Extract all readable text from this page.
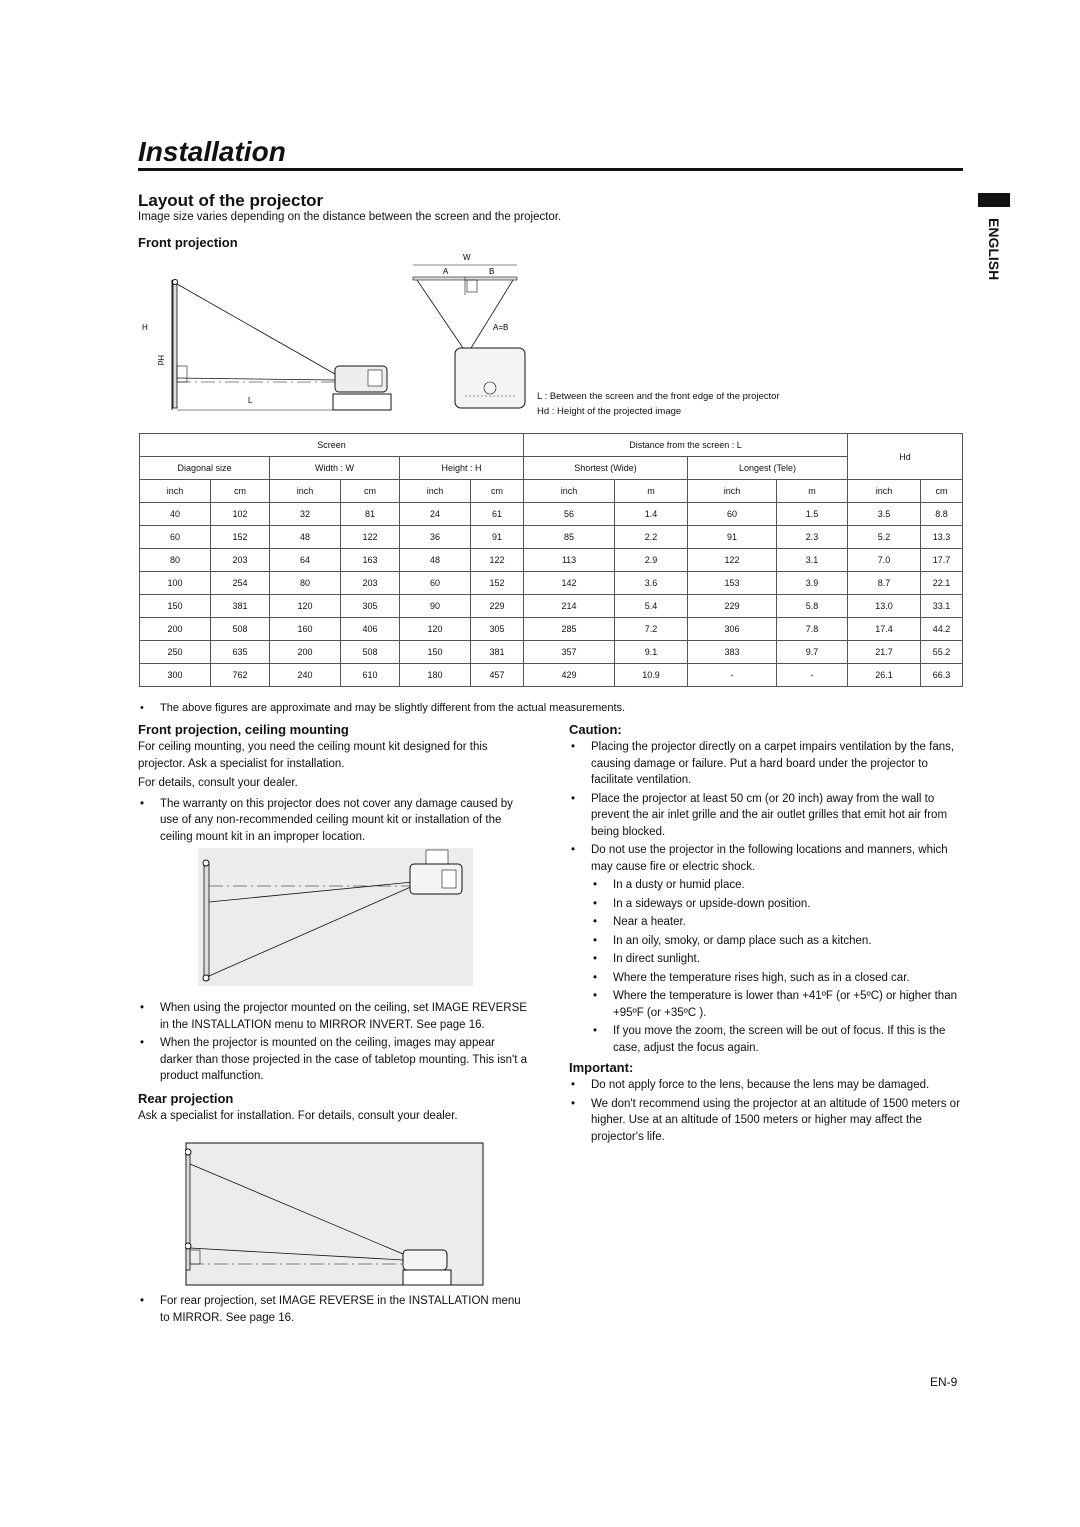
Installation
ENGLISH
Layout of the projector
Image size varies depending on the distance between the screen and the projector.
Front projection
H
Hd
L
W
A	B
A=B
L : Between the screen and the front edge of the projector
Hd : Height of the projected image
Screen						Distance from the screen : L				Hd	
Diagonal size		Width : W		Height : H		Shortest (Wide)		Longest (Tele)			
inch	cm	inch	cm	inch	cm	inch	m	inch	m	inch	cm
40	102	32	81	24	61	56	1.4	60	1.5	3.5	8.8
60	152	48	122	36	91	85	2.2	91	2.3	5.2	13.3
80	203	64	163	48	122	113	2.9	122	3.1	7.0	17.7
100	254	80	203	60	152	142	3.6	153	3.9	8.7	22.1
150	381	120	305	90	229	214	5.4	229	5.8	13.0	33.1
200	508	160	406	120	305	285	7.2	306	7.8	17.4	44.2
250	635	200	508	150	381	357	9.1	383	9.7	21.7	55.2
300	762	240	610	180	457	429	10.9	-	-	26.1	66.3
• The above figures are approximate and may be slightly different from the actual measurements.
Front projection, ceiling mounting

For ceiling mounting, you need the ceiling mount kit designed for this projector. Ask a specialist for installation.

For details, consult your dealer.

• The warranty on this projector does not cover any damage caused by use of any non-recommended ceiling mount kit or installation of the ceiling mount kit in an improper location.

• When using the projector mounted on the ceiling, set IMAGE REVERSE in the INSTALLATION menu to MIRROR INVERT. See page 16.

• When the projector is mounted on the ceiling, images may appear darker than those projected in the case of tabletop mounting. This isn't a product malfunction.

Rear projection

Ask a specialist for installation. For details, consult your dealer.

• For rear projection, set IMAGE REVERSE in the INSTALLATION menu to MIRROR. See page 16.

Caution:

• Placing the projector directly on a carpet impairs ventilation by the fans, causing damage or failure. Put a hard board under the projector to facilitate ventilation.

• Place the projector at least 50 cm (or 20 inch) away from the wall to prevent the air inlet grille and the air outlet grilles that emit hot air from being blocked.

• Do not use the projector in the following locations and manners, which may cause fire or electric shock.

• In a dusty or humid place.

• In a sideways or upside-down position.

• Near a heater.

• In an oily, smoky, or damp place such as a kitchen.

• In direct sunlight.

• Where the temperature rises high, such as in a closed car.

• Where the temperature is lower than +41ºF (or +5ºC) or higher than +95ºF (or +35ºC ).

• If you move the zoom, the screen will be out of focus. If this is the case, adjust the focus again.

Important:

• Do not apply force to the lens, because the lens may be damaged.

• We don't recommend using the projector at an altitude of 1500 meters or higher. Use at an altitude of 1500 meters or higher may affect the projector's life.

EN-9
